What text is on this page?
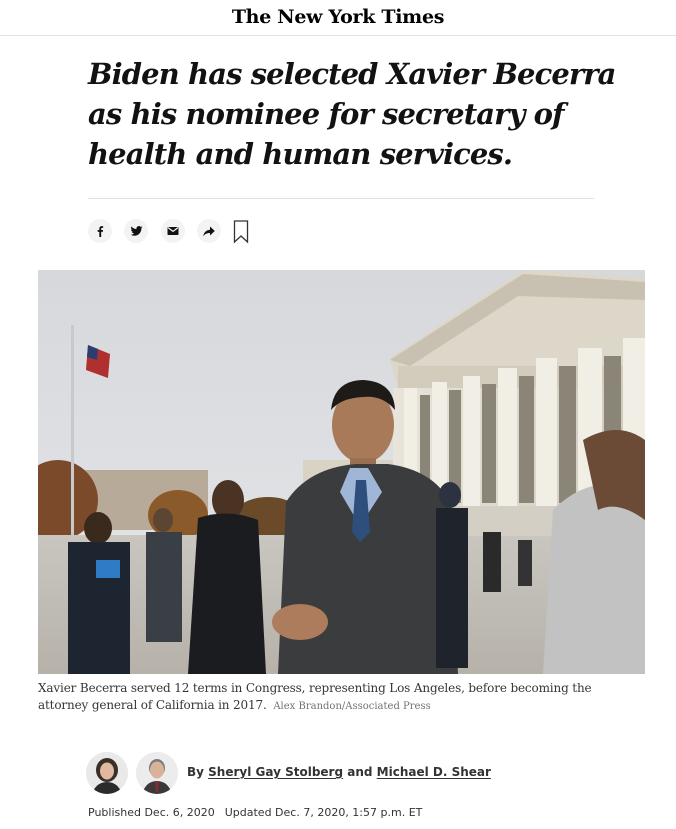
The New York Times
Biden has selected Xavier Becerra as his nominee for secretary of health and human services.
Xavier Becerra served 12 terms in Congress, representing Los Angeles, before becoming the attorney general of California in 2017. Alex Brandon/Associated Press
By Sheryl Gay Stolberg and Michael D. Shear
Published Dec. 6, 2020 Updated Dec. 7, 2020, 1:57 p.m. ET
